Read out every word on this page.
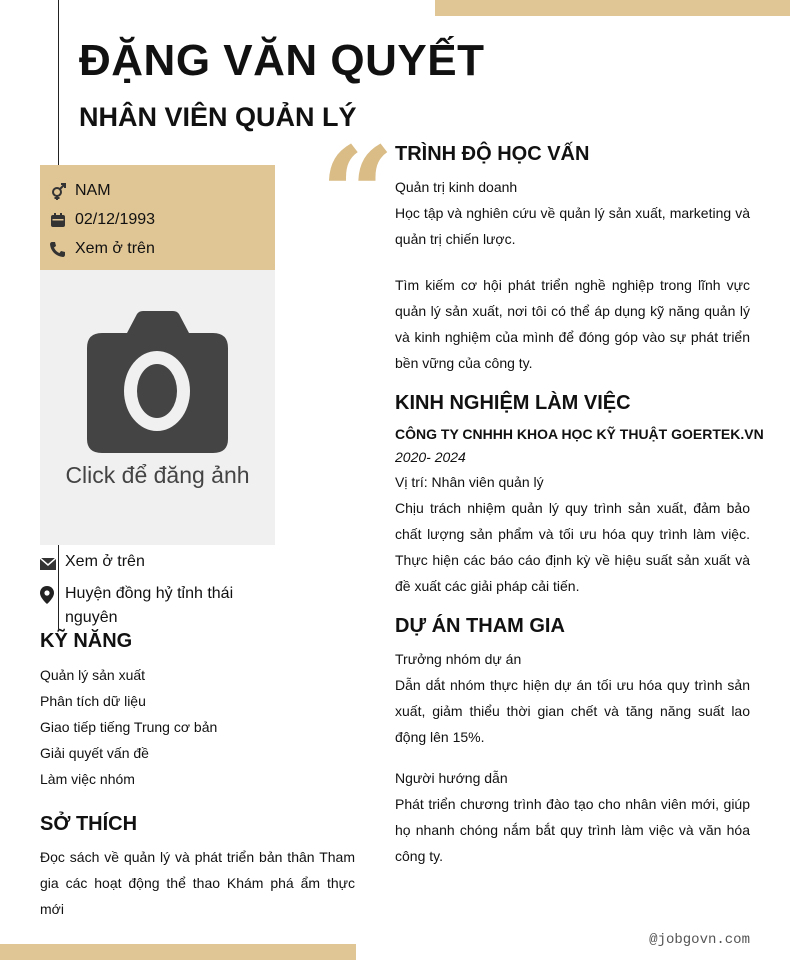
ĐẶNG VĂN QUYẾT
NHÂN VIÊN QUẢN LÝ
NAM
02/12/1993
Xem ở trên
Click để đăng ảnh
Xem ở trên
Huyện đồng hỷ tỉnh thái nguyên
KỸ NĂNG
Quản lý sản xuất
Phân tích dữ liệu
Giao tiếp tiếng Trung cơ bản
Giải quyết vấn đề
Làm việc nhóm
SỞ THÍCH
Đọc sách về quản lý và phát triển bản thân Tham gia các hoạt động thể thao Khám phá ẩm thực mới
“ TRÌNH ĐỘ HỌC VẤN
Quản trị kinh doanh
Học tập và nghiên cứu về quản lý sản xuất, marketing và quản trị chiến lược.
Tìm kiếm cơ hội phát triển nghề nghiệp trong lĩnh vực quản lý sản xuất, nơi tôi có thể áp dụng kỹ năng quản lý và kinh nghiệm của mình để đóng góp vào sự phát triển bền vững của công ty.
KINH NGHIỆM LÀM VIỆC
CÔNG TY CNHHH KHOA HỌC KỸ THUẬT GOERTEK.VN
2020- 2024
Vị trí: Nhân viên quản lý
Chịu trách nhiệm quản lý quy trình sản xuất, đảm bảo chất lượng sản phẩm và tối ưu hóa quy trình làm việc. Thực hiện các báo cáo định kỳ về hiệu suất sản xuất và đề xuất các giải pháp cải tiến.
DỰ ÁN THAM GIA
Trưởng nhóm dự án
Dẫn dắt nhóm thực hiện dự án tối ưu hóa quy trình sản xuất, giảm thiểu thời gian chết và tăng năng suất lao động lên 15%.
Người hướng dẫn
Phát triển chương trình đào tạo cho nhân viên mới, giúp họ nhanh chóng nắm bắt quy trình làm việc và văn hóa công ty.
@jobgovn.com
